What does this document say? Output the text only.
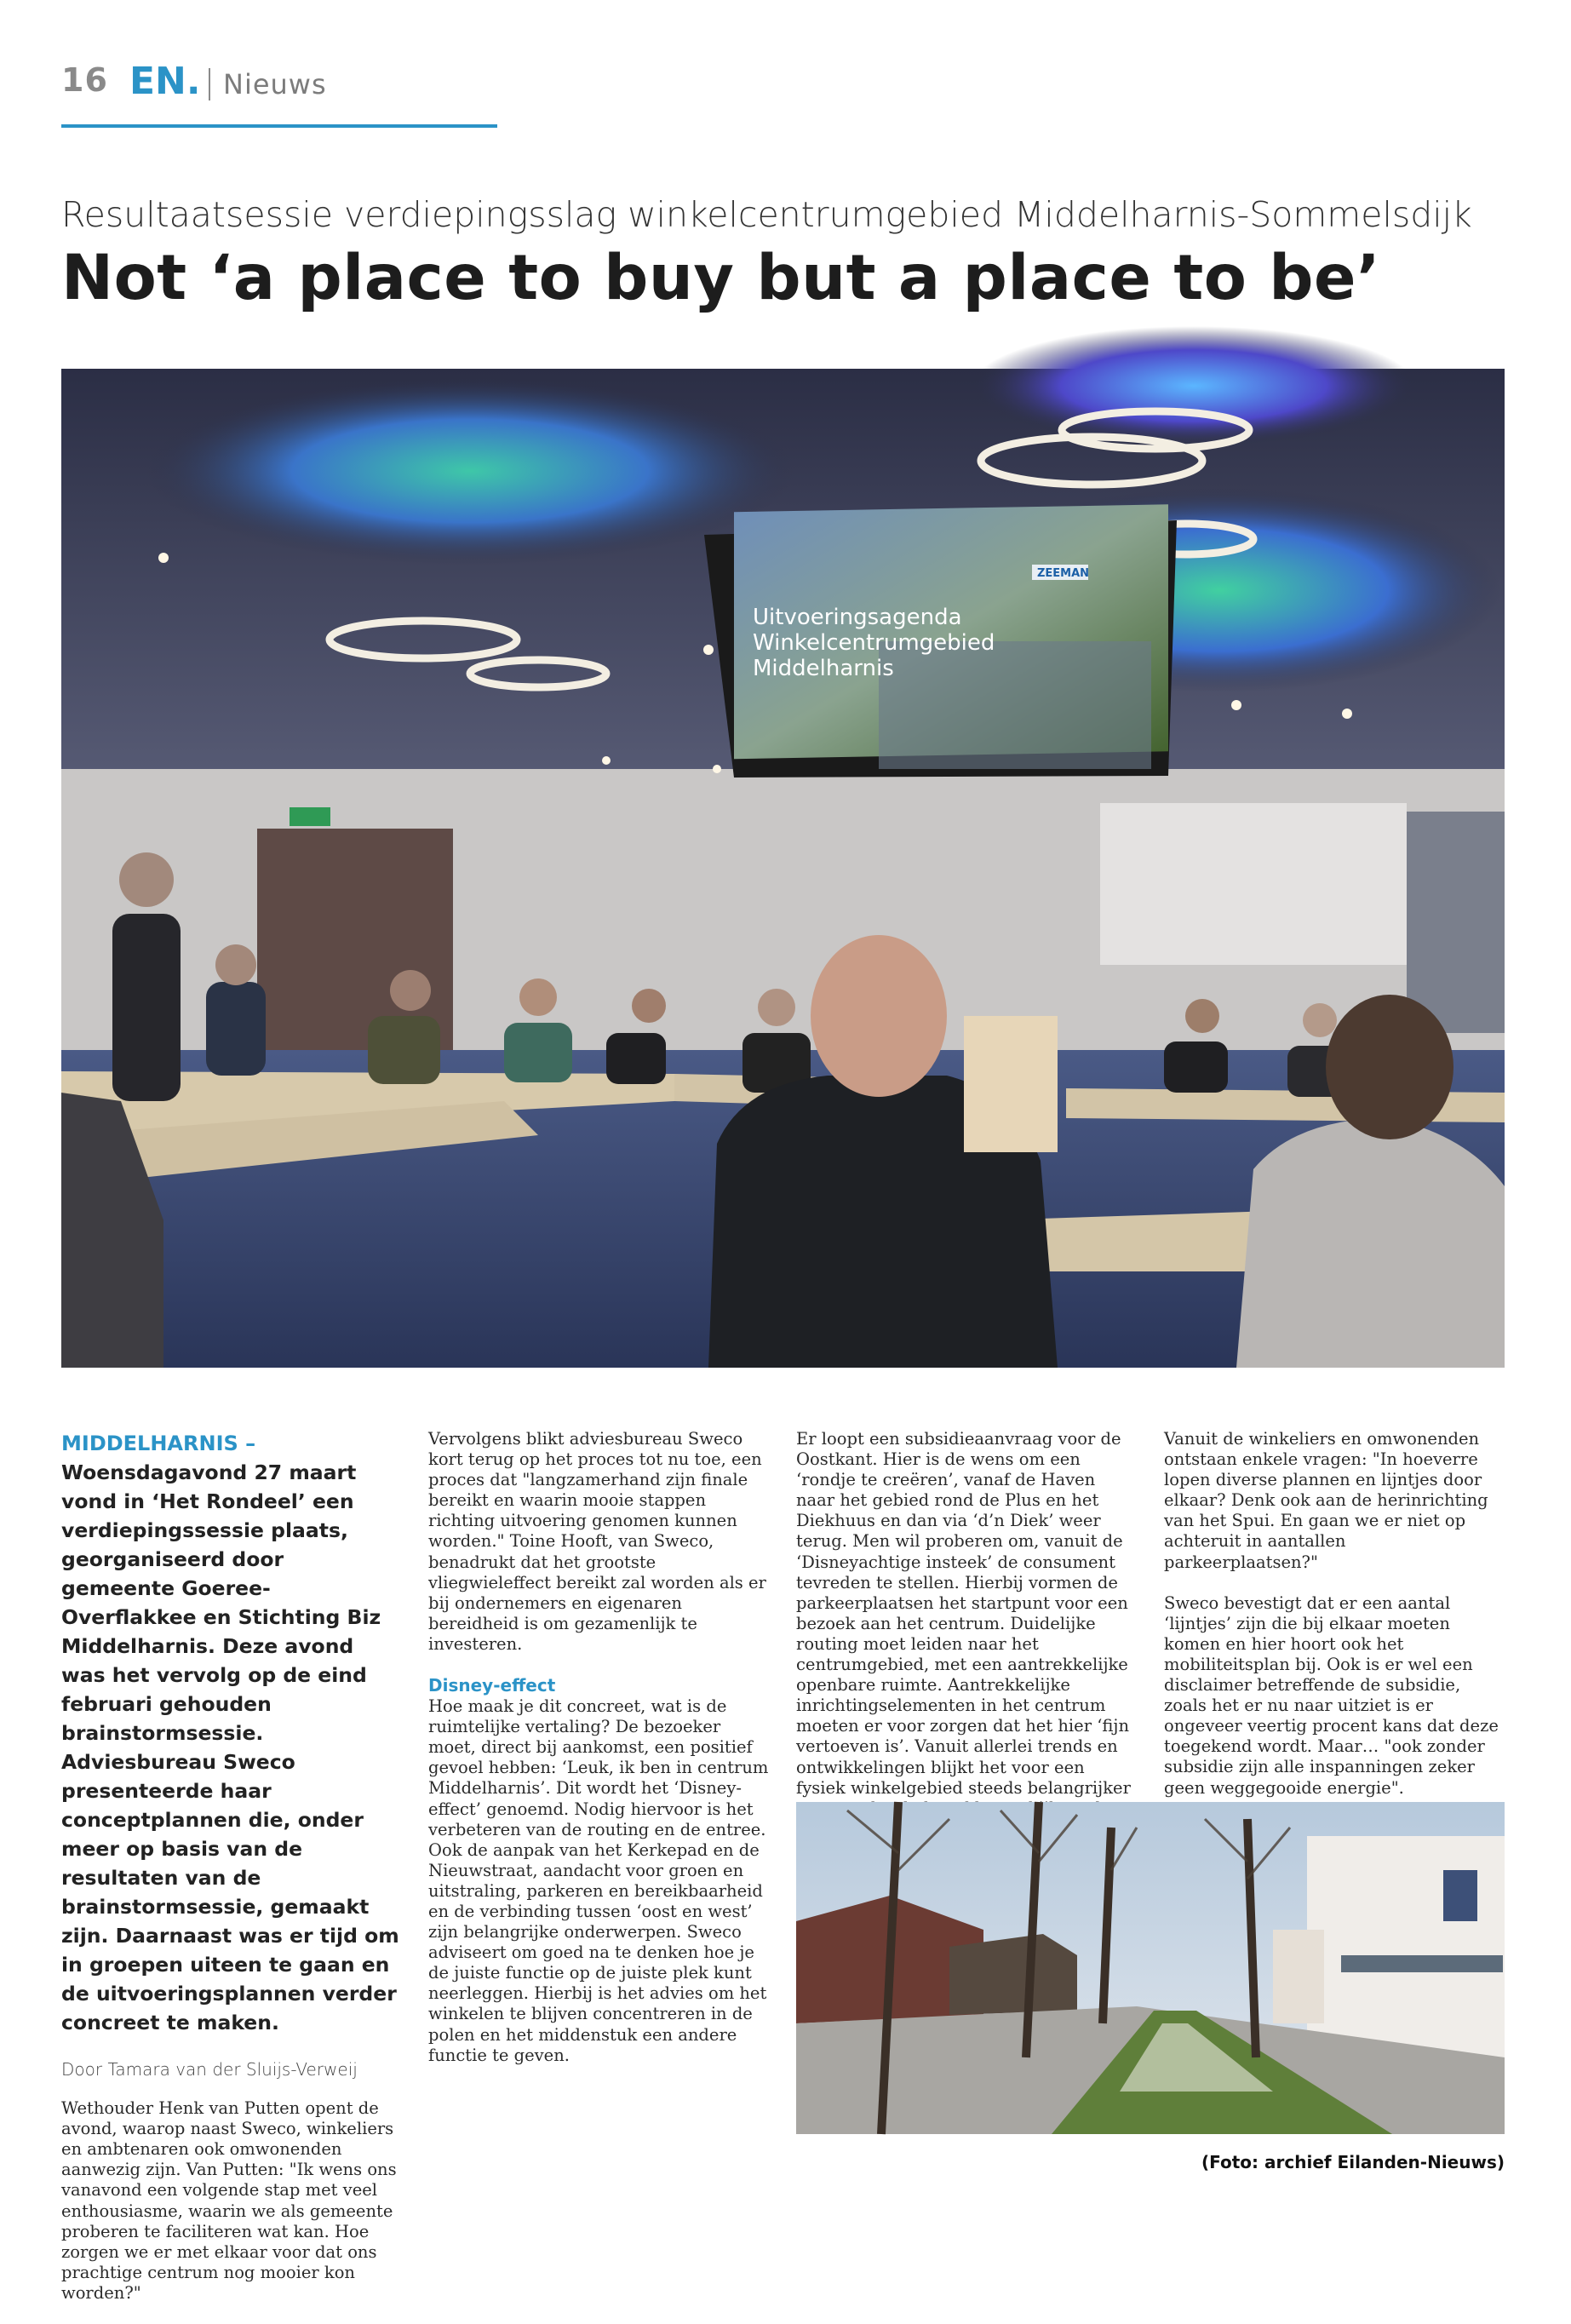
16 EN. Nieuws
Resultaatsessie verdiepingsslag winkelcentrumgebied Middelharnis-Sommelsdijk
Not ‘a place to buy but a place to be’
Uitvoeringsagenda
Winkelcentrumgebied
Middelharnis
ZEEMAN
MIDDELHARNIS – Woensdagavond 27 maart vond in ‘Het Rondeel’ een verdiepingssessie plaats, georganiseerd door gemeente Goeree-Overflakkee en Stichting Biz Middelharnis. Deze avond was het vervolg op de eind februari gehouden brainstormsessie. Adviesbureau Sweco presenteerde haar conceptplannen die, onder meer op basis van de resultaten van de brainstormsessie, gemaakt zijn. Daarnaast was er tijd om in groepen uiteen te gaan en de uitvoeringsplannen verder concreet te maken.
Door Tamara van der Sluijs-Verweij

Wethouder Henk van Putten opent de avond, waarop naast Sweco, winkeliers en ambtenaren ook omwonenden aanwezig zijn. Van Putten: "Ik wens ons vanavond een volgende stap met veel enthousiasme, waarin we als gemeente proberen te faciliteren wat kan. Hoe zorgen we er met elkaar voor dat ons prachtige centrum nog mooier kon worden?"

Vervolgens blikt adviesbureau Sweco kort terug op het proces tot nu toe, een proces dat "langzamerhand zijn finale bereikt en waarin mooie stappen richting uitvoering genomen kunnen worden." Toine Hooft, van Sweco, benadrukt dat het grootste vliegwieleffect bereikt zal worden als er bij ondernemers en eigenaren bereidheid is om gezamenlijk te investeren.

Disney-effect

Hoe maak je dit concreet, wat is de ruimtelijke vertaling? De bezoeker moet, direct bij aankomst, een positief gevoel hebben: ‘Leuk, ik ben in centrum Middelharnis’. Dit wordt het ‘Disney-effect’ genoemd. Nodig hiervoor is het verbeteren van de routing en de entree. Ook de aanpak van het Kerkepad en de Nieuwstraat, aandacht voor groen en uitstraling, parkeren en bereikbaarheid en de verbinding tussen ‘oost en west’ zijn belangrijke onderwerpen. Sweco adviseert om goed na te denken hoe je de juiste functie op de juiste plek kunt neerleggen. Hierbij is het advies om het winkelen te blijven concentreren in de polen en het middenstuk een andere functie te geven.

Er loopt een subsidieaanvraag voor de Oostkant. Hier is de wens om een ‘rondje te creëren’, vanaf de Haven naar het gebied rond de Plus en het Diekhuus en dan via ‘d’n Diek’ weer terug. Men wil proberen om, vanuit de ‘Disneyachtige insteek’ de consument tevreden te stellen. Hierbij vormen de parkeerplaatsen het startpunt voor een bezoek aan het centrum. Duidelijke routing moet leiden naar het centrumgebied, met een aantrekkelijke openbare ruimte. Aantrekkelijke inrichtingselementen in het centrum moeten er voor zorgen dat het hier ‘fijn vertoeven is’. Vanuit allerlei trends en ontwikkelingen blijkt het voor een fysiek winkelgebied steeds belangrijker

Vanuit de winkeliers en omwonenden ontstaan enkele vragen: "In hoeverre lopen diverse plannen en lijntjes door elkaar? Denk ook aan de herinrichting van het Spui. En gaan we er niet op achteruit in aantallen parkeerplaatsen?"

Sweco bevestigt dat er een aantal ‘lijntjes’ zijn die bij elkaar moeten komen en hier hoort ook het mobiliteitsplan bij. Ook is er wel een disclaimer betreffende de subsidie, zoals het er nu naar uitziet is er ongeveer veertig procent kans dat deze toegekend wordt. Maar… "ook zonder subsidie zijn alle inspanningen zeker geen weggegooide energie".

(Foto: archief Eilanden-Nieuws)
